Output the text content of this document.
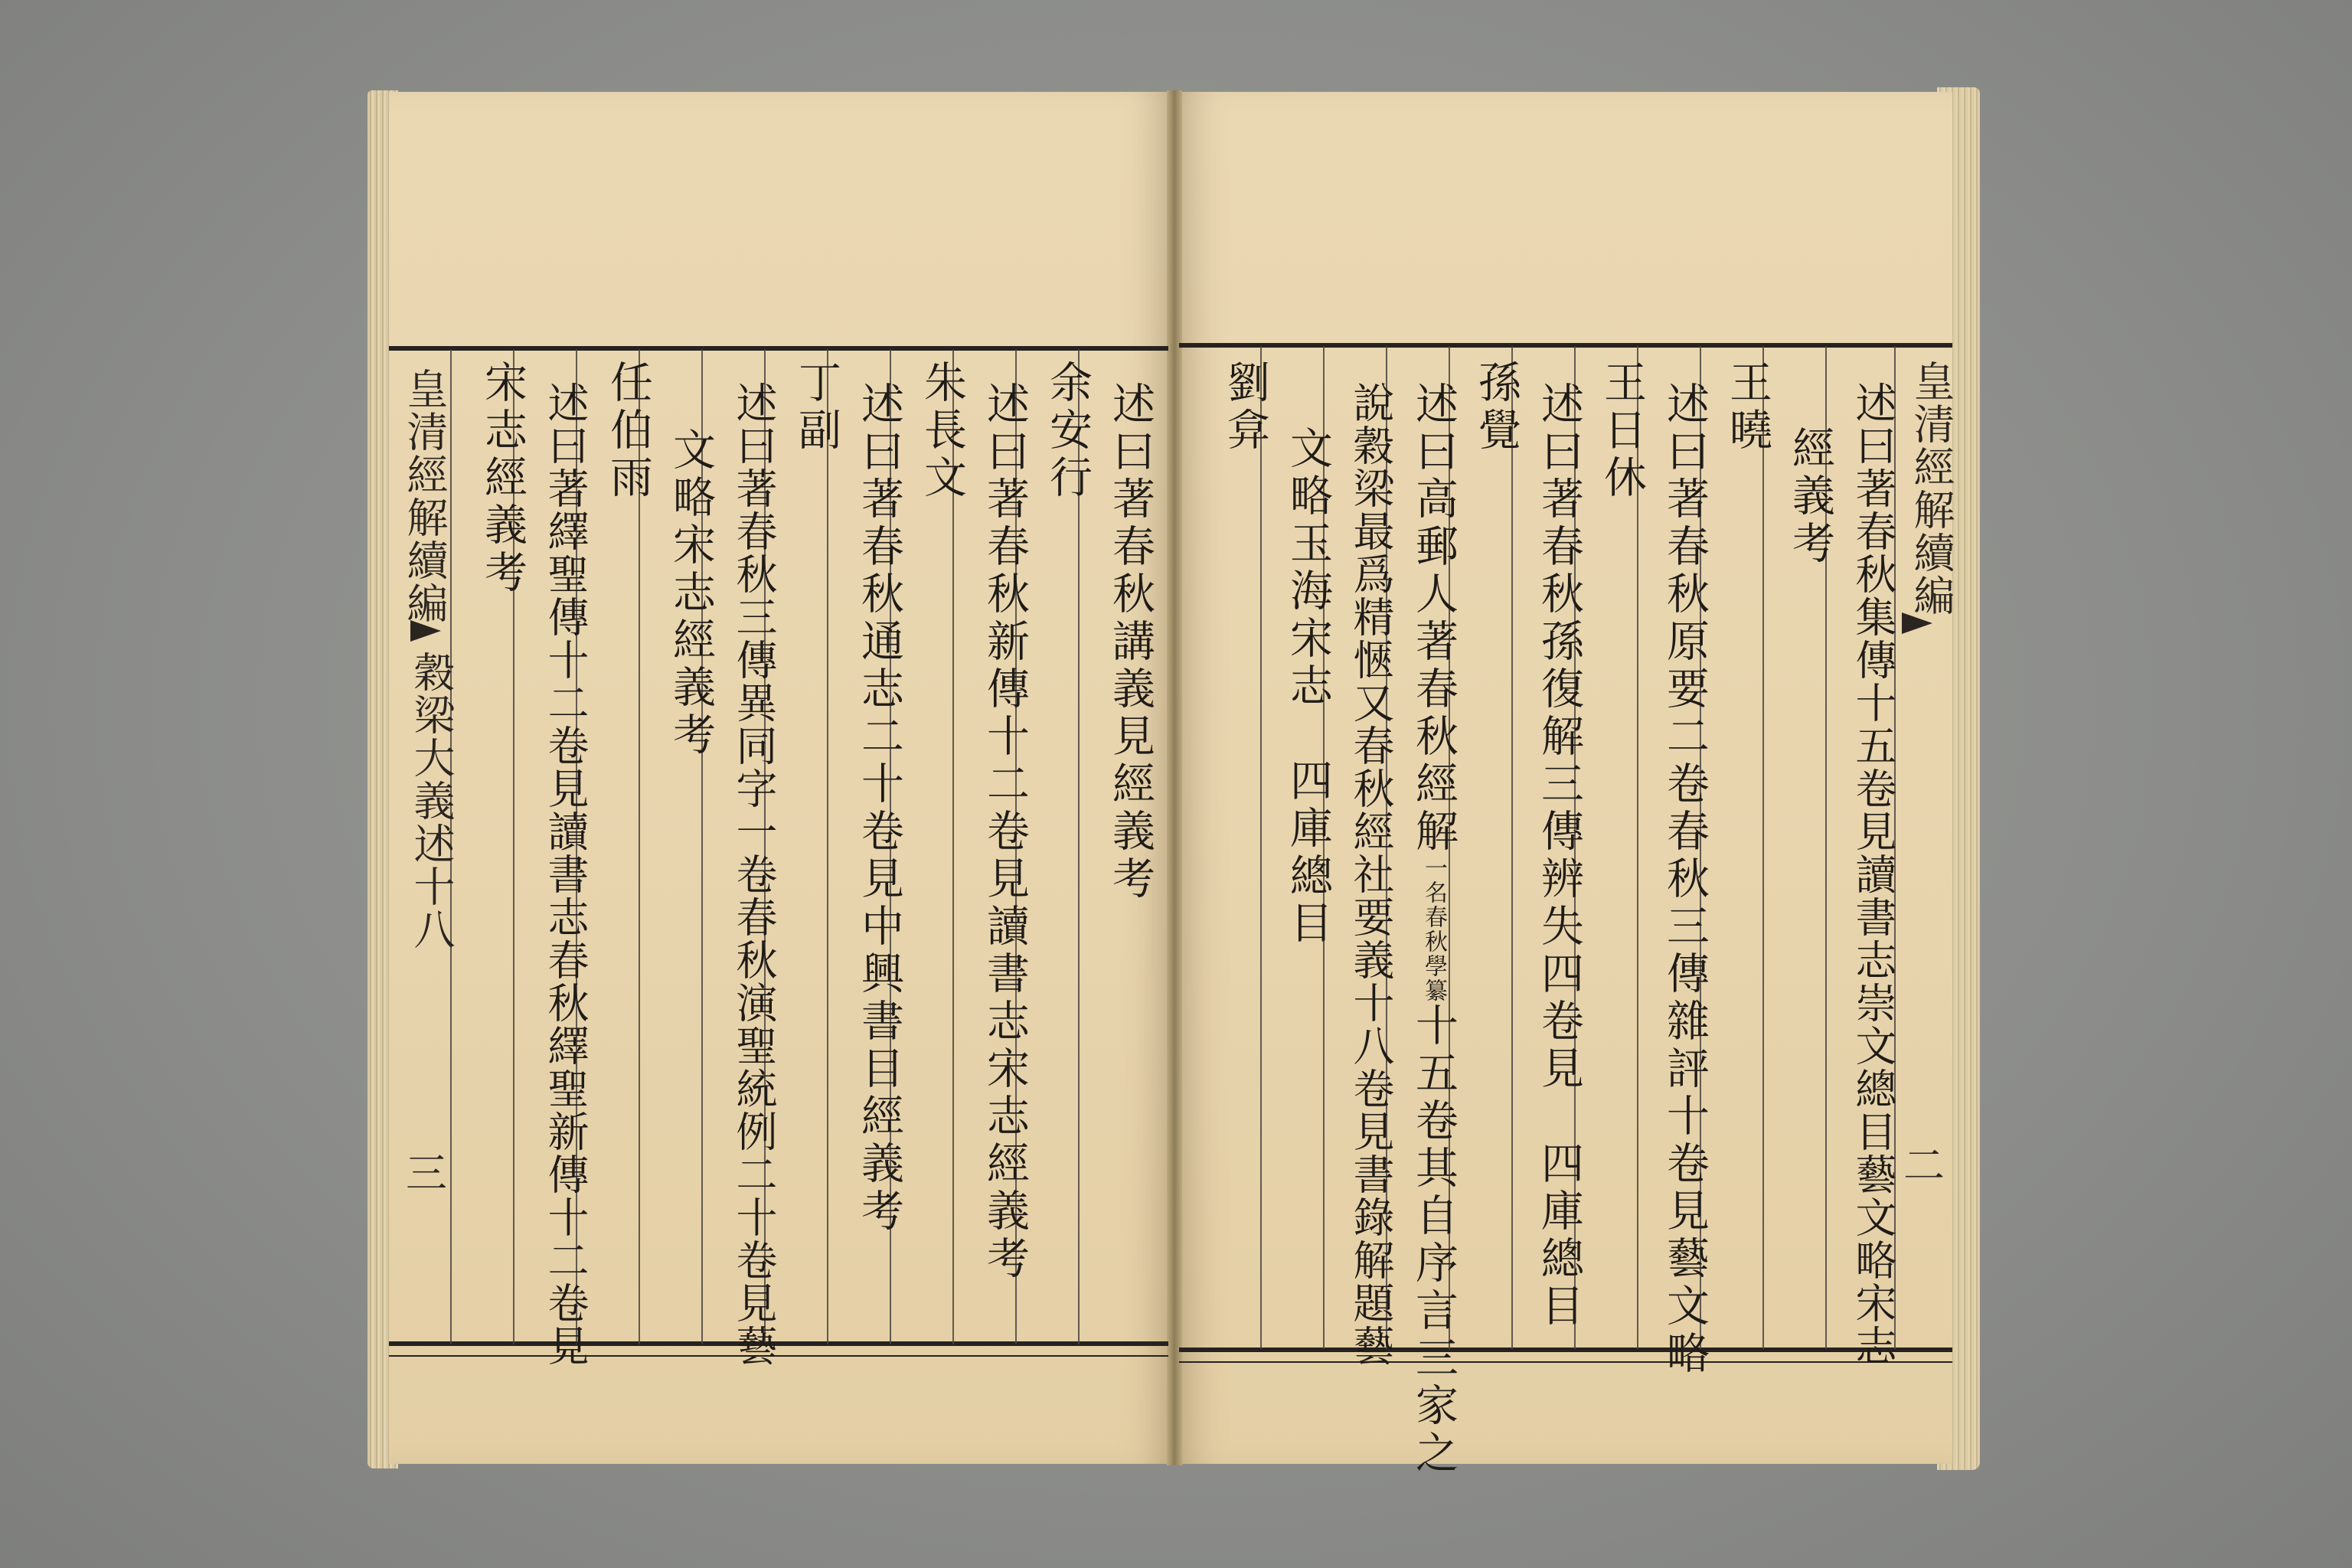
皇清經解續編
穀梁大義述十八
三
皇清經解續編
二
述曰著春秋講義見經義考
余安行
述曰著春秋新傳十二卷見讀書志宋志經義考
朱長文
述曰著春秋通志二十卷見中興書目經義考
丁副
述曰著春秋三傳異同字一卷春秋演聖統例二十卷見藝
文略宋志經義考
任伯雨
述曰著繹聖傳十二卷見讀書志春秋繹聖新傳十二卷見
宋志經義考	述曰著春秋集傳十五卷見讀書志崇文總目藝文略宋志
經義考
王曉
述曰著春秋原要二卷春秋三傳雜評十卷見藝文略
王日休
述曰著春秋孫復解三傳辨失四卷見　四庫總目
孫覺
述曰高郵人著春秋經解一名春秋學纂十五卷其自序言三家之
說穀梁最爲精愜又春秋經社要義十八卷見書錄解題藝
文略玉海宋志　四庫總目
劉弇
